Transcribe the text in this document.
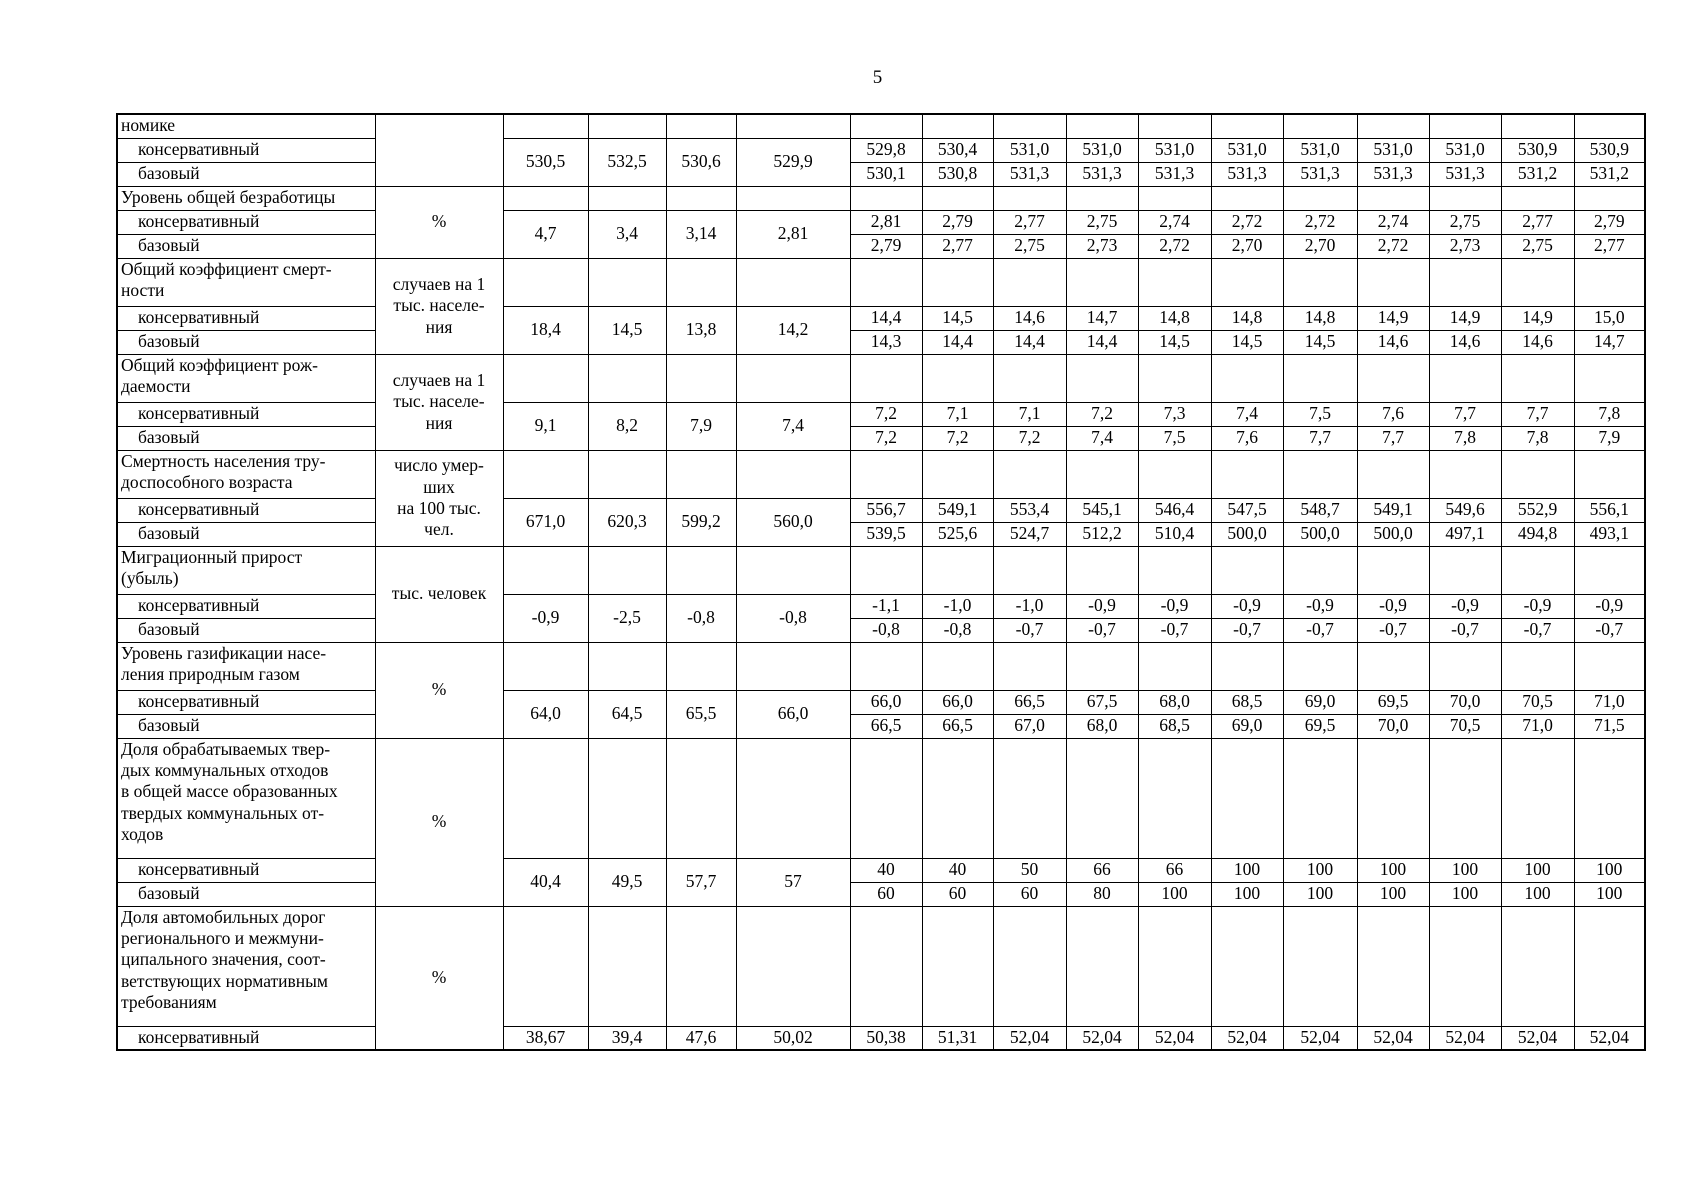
5
номике																
консервативный		530,5	532,5	530,6	529,9	529,8	530,4	531,0	531,0	531,0	531,0	531,0	531,0	531,0	530,9	530,9
базовый						530,1	530,8	531,3	531,3	531,3	531,3	531,3	531,3	531,3	531,2	531,2
Уровень общей безработицы	%															
консервативный		4,7	3,4	3,14	2,81	2,81	2,79	2,77	2,75	2,74	2,72	2,72	2,74	2,75	2,77	2,79
базовый						2,79	2,77	2,75	2,73	2,72	2,70	2,70	2,72	2,73	2,75	2,77
Общий коэффициент смерт-
ности	случаев на 1
тыс. населе-
ния															
консервативный		18,4	14,5	13,8	14,2	14,4	14,5	14,6	14,7	14,8	14,8	14,8	14,9	14,9	14,9	15,0
базовый						14,3	14,4	14,4	14,4	14,5	14,5	14,5	14,6	14,6	14,6	14,7
Общий коэффициент рож-
даемости	случаев на 1
тыс. населе-
ния															
консервативный		9,1	8,2	7,9	7,4	7,2	7,1	7,1	7,2	7,3	7,4	7,5	7,6	7,7	7,7	7,8
базовый						7,2	7,2	7,2	7,4	7,5	7,6	7,7	7,7	7,8	7,8	7,9
Смертность населения тру-
доспособного возраста	число умер-
ших
на 100 тыс.
чел.															
консервативный		671,0	620,3	599,2	560,0	556,7	549,1	553,4	545,1	546,4	547,5	548,7	549,1	549,6	552,9	556,1
базовый						539,5	525,6	524,7	512,2	510,4	500,0	500,0	500,0	497,1	494,8	493,1
Миграционный прирост
(убыль)	тыс. человек															
консервативный		-0,9	-2,5	-0,8	-0,8	-1,1	-1,0	-1,0	-0,9	-0,9	-0,9	-0,9	-0,9	-0,9	-0,9	-0,9
базовый						-0,8	-0,8	-0,7	-0,7	-0,7	-0,7	-0,7	-0,7	-0,7	-0,7	-0,7
Уровень газификации насе-
ления природным газом	%															
консервативный		64,0	64,5	65,5	66,0	66,0	66,0	66,5	67,5	68,0	68,5	69,0	69,5	70,0	70,5	71,0
базовый						66,5	66,5	67,0	68,0	68,5	69,0	69,5	70,0	70,5	71,0	71,5
Доля обрабатываемых твер-
дых коммунальных отходов
в общей массе образованных
твердых коммунальных от-
ходов	%															
консервативный		40,4	49,5	57,7	57	40	40	50	66	66	100	100	100	100	100	100
базовый						60	60	60	80	100	100	100	100	100	100	100
Доля автомобильных дорог
регионального и межмуни-
ципального значения, соот-
ветствующих нормативным
требованиям	%															
консервативный		38,67	39,4	47,6	50,02	50,38	51,31	52,04	52,04	52,04	52,04	52,04	52,04	52,04	52,04	52,04
